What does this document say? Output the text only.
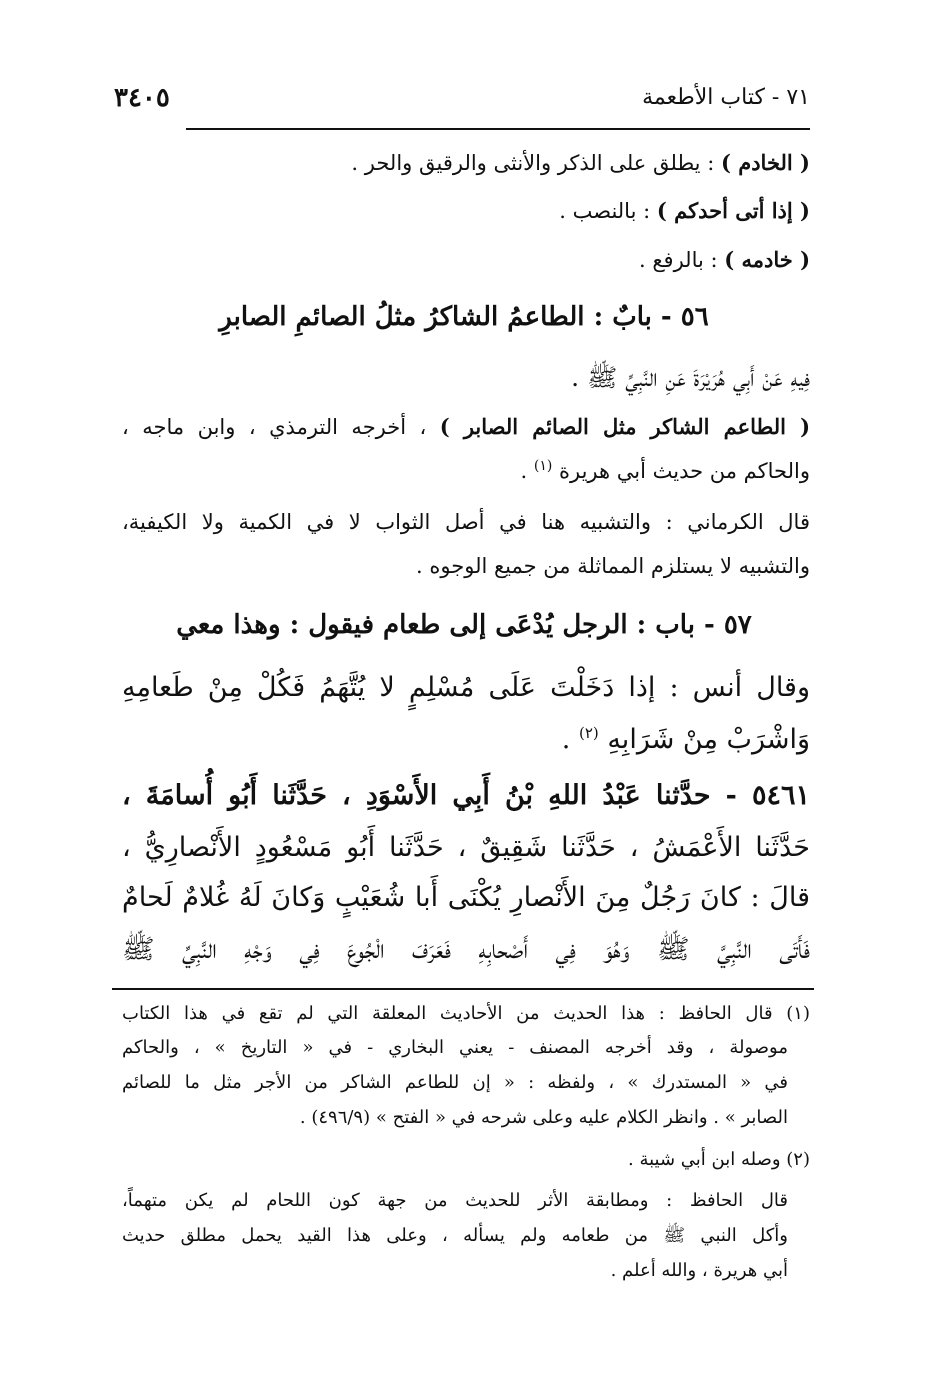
٧١ - كتاب الأطعمة
٣٤٠٥
( الخادم ) : يطلق على الذكر والأنثى والرقيق والحر .
( إذا أتى أحدكم ) : بالنصب .
( خادمه ) : بالرفع .
٥٦ - بابٌ : الطاعمُ الشاكرُ مثلُ الصائمِ الصابرِ
فِيهِ عَنْ أَبِي هُرَيْرَةَ عَنِ النَّبِيِّ ﷺ .
( الطاعم الشاكر مثل الصائم الصابر ) ، أخرجه الترمذي ، وابن ماجه ،
والحاكم من حديث أبي هريرة $^{(١)}$ .
قال الكرماني : والتشبيه هنا في أصل الثواب لا في الكمية ولا الكيفية،
والتشبيه لا يستلزم المماثلة من جميع الوجوه .
٥٧ - باب : الرجل يُدْعَى إلى طعام فيقول : وهذا معي
وقال أنس : إذا دَخَلْتَ عَلَى مُسْلِمٍ لا يُتَّهَمُ فَكُلْ مِنْ طَعامِهِ
وَاشْرَبْ مِنْ شَرَابِهِ $^{(٢)}$ .
٥٤٦١ - حدَّثنا عَبْدُ اللهِ بْنُ أَبِي الأَسْوَدِ ، حَدَّثَنا أَبُو أُسامَةَ ،
حَدَّثَنا الأَعْمَشُ ، حَدَّثَنا شَقِيقٌ ، حَدَّثَنا أَبُو مَسْعُودٍ الأَنْصارِيُّ ،
قالَ : كانَ رَجُلٌ مِنَ الأَنْصارِ يُكْنَى أَبا شُعَيْبٍ وَكانَ لَهُ غُلامٌ لَحامٌ
فَأَتَى النَّبِيَّ ﷺ وَهُوَ فِي أَصْحابِهِ فَعَرَفَ الْجُوعَ فِي وَجْهِ النَّبِيِّ ﷺ
(١) قال الحافظ : هذا الحديث من الأحاديث المعلقة التي لم تقع في هذا الكتاب
موصولة ، وقد أخرجه المصنف - يعني البخاري - في « التاريخ » ، والحاكم
في « المستدرك » ، ولفظه : « إن للطاعم الشاكر من الأجر مثل ما للصائم
الصابر » . وانظر الكلام عليه وعلى شرحه في « الفتح » (٤٩٦/٩) .
(٢) وصله ابن أبي شيبة .
قال الحافظ : ومطابقة الأثر للحديث من جهة كون اللحام لم يكن متهماً،
وأكل النبي ﷺ من طعامه ولم يسأله ، وعلى هذا القيد يحمل مطلق حديث
أبي هريرة ، والله أعلم .
